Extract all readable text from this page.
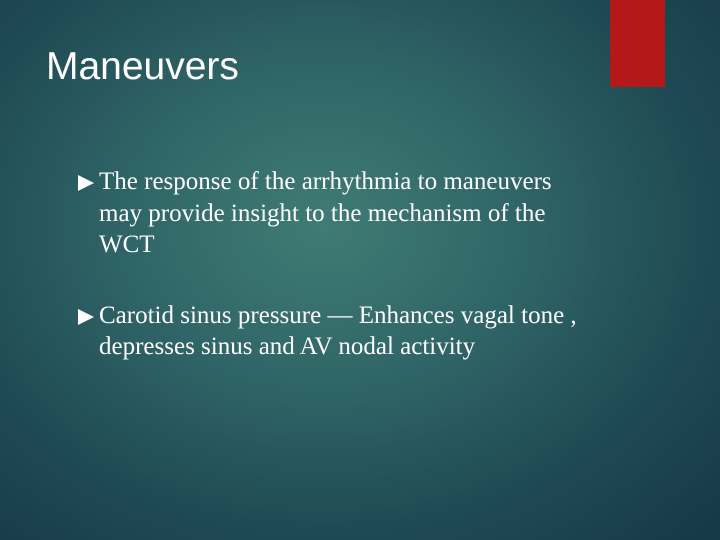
Maneuvers
The response of the arrhythmia to maneuvers may provide insight to the mechanism of the WCT
Carotid sinus pressure — Enhances vagal tone , depresses sinus and AV nodal activity
